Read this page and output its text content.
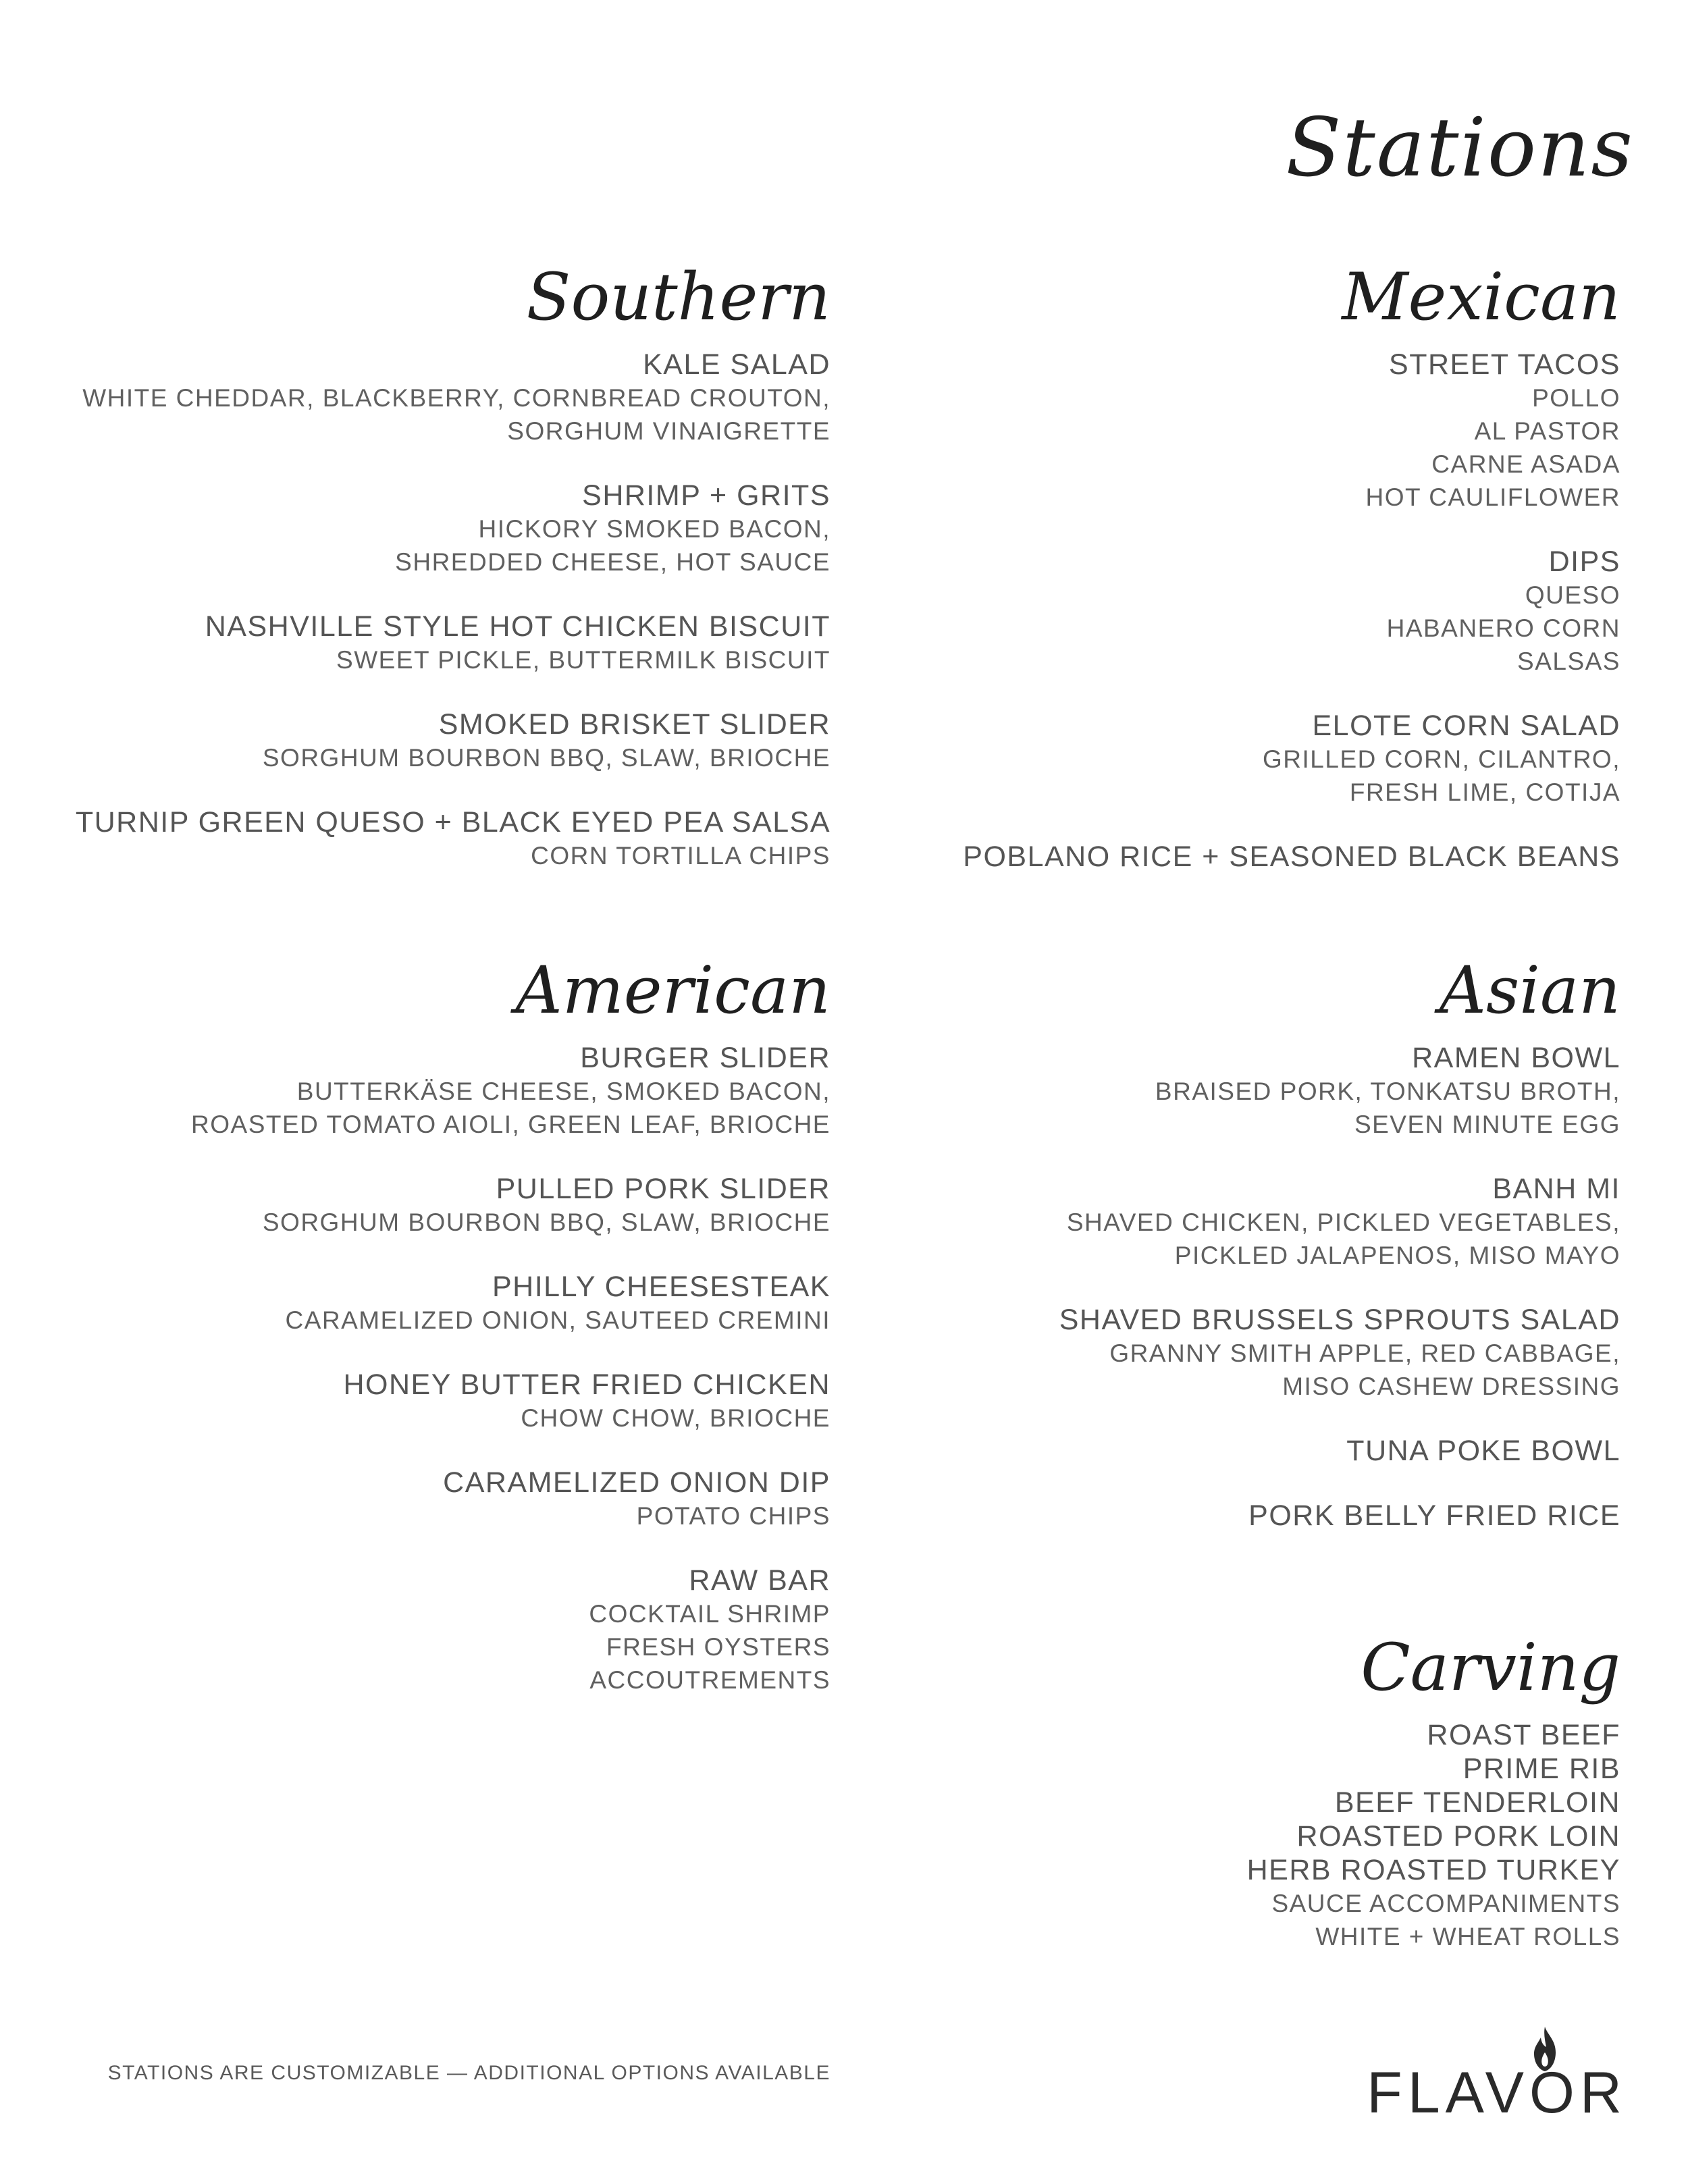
Stations
Southern
KALE SALAD
WHITE CHEDDAR, BLACKBERRY, CORNBREAD CROUTON,
SORGHUM VINAIGRETTE
SHRIMP + GRITS
HICKORY SMOKED BACON,
SHREDDED CHEESE, HOT SAUCE
NASHVILLE STYLE HOT CHICKEN BISCUIT
SWEET PICKLE, BUTTERMILK BISCUIT
SMOKED BRISKET SLIDER
SORGHUM BOURBON BBQ, SLAW, BRIOCHE
TURNIP GREEN QUESO + BLACK EYED PEA SALSA
CORN TORTILLA CHIPS
American
BURGER SLIDER
BUTTERKÄSE CHEESE, SMOKED BACON,
ROASTED TOMATO AIOLI, GREEN LEAF, BRIOCHE
PULLED PORK SLIDER
SORGHUM BOURBON BBQ, SLAW, BRIOCHE
PHILLY CHEESESTEAK
CARAMELIZED ONION, SAUTEED CREMINI
HONEY BUTTER FRIED CHICKEN
CHOW CHOW, BRIOCHE
CARAMELIZED ONION DIP
POTATO CHIPS
RAW BAR
COCKTAIL SHRIMP
FRESH OYSTERS
ACCOUTREMENTS
Mexican
STREET TACOS
POLLO
AL PASTOR
CARNE ASADA
HOT CAULIFLOWER
DIPS
QUESO
HABANERO CORN
SALSAS
ELOTE CORN SALAD
GRILLED CORN, CILANTRO,
FRESH LIME, COTIJA
POBLANO RICE + SEASONED BLACK BEANS
Asian
RAMEN BOWL
BRAISED PORK, TONKATSU BROTH,
SEVEN MINUTE EGG
BANH MI
SHAVED CHICKEN, PICKLED VEGETABLES,
PICKLED JALAPENOS, MISO MAYO
SHAVED BRUSSELS SPROUTS SALAD
GRANNY SMITH APPLE, RED CABBAGE,
MISO CASHEW DRESSING
TUNA POKE BOWL
PORK BELLY FRIED RICE
Carving
ROAST BEEF
PRIME RIB
BEEF TENDERLOIN
ROASTED PORK LOIN
HERB ROASTED TURKEY
SAUCE ACCOMPANIMENTS
WHITE + WHEAT ROLLS
STATIONS ARE CUSTOMIZABLE — ADDITIONAL OPTIONS AVAILABLE	FLAVOR
